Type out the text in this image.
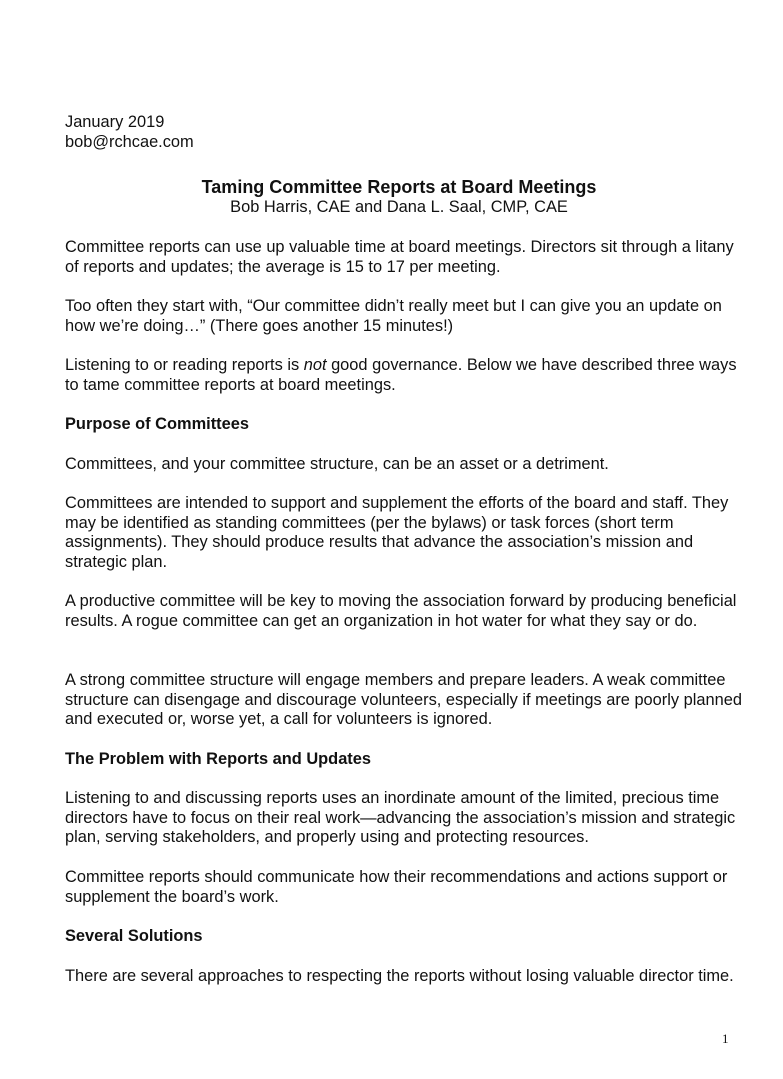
January 2019
bob@rchcae.com

Taming Committee Reports at Board Meetings

Bob Harris, CAE and Dana L. Saal, CMP, CAE

Committee reports can use up valuable time at board meetings. Directors sit through a litany of reports and updates; the average is 15 to 17 per meeting.

Too often they start with, “Our committee didn’t really meet but I can give you an update on how we’re doing…” (There goes another 15 minutes!)

Listening to or reading reports is not good governance. Below we have described three ways to tame committee reports at board meetings.

Purpose of Committees

Committees, and your committee structure, can be an asset or a detriment.

Committees are intended to support and supplement the efforts of the board and staff. They may be identified as standing committees (per the bylaws) or task forces (short term assignments). They should produce results that advance the association’s mission and strategic plan.

A productive committee will be key to moving the association forward by producing beneficial results. A rogue committee can get an organization in hot water for what they say or do.

A strong committee structure will engage members and prepare leaders. A weak committee structure can disengage and discourage volunteers, especially if meetings are poorly planned and executed or, worse yet, a call for volunteers is ignored.

The Problem with Reports and Updates

Listening to and discussing reports uses an inordinate amount of the limited, precious time directors have to focus on their real work—advancing the association’s mission and strategic plan, serving stakeholders, and properly using and protecting resources.

Committee reports should communicate how their recommendations and actions support or supplement the board’s work.

Several Solutions

There are several approaches to respecting the reports without losing valuable director time.

1
